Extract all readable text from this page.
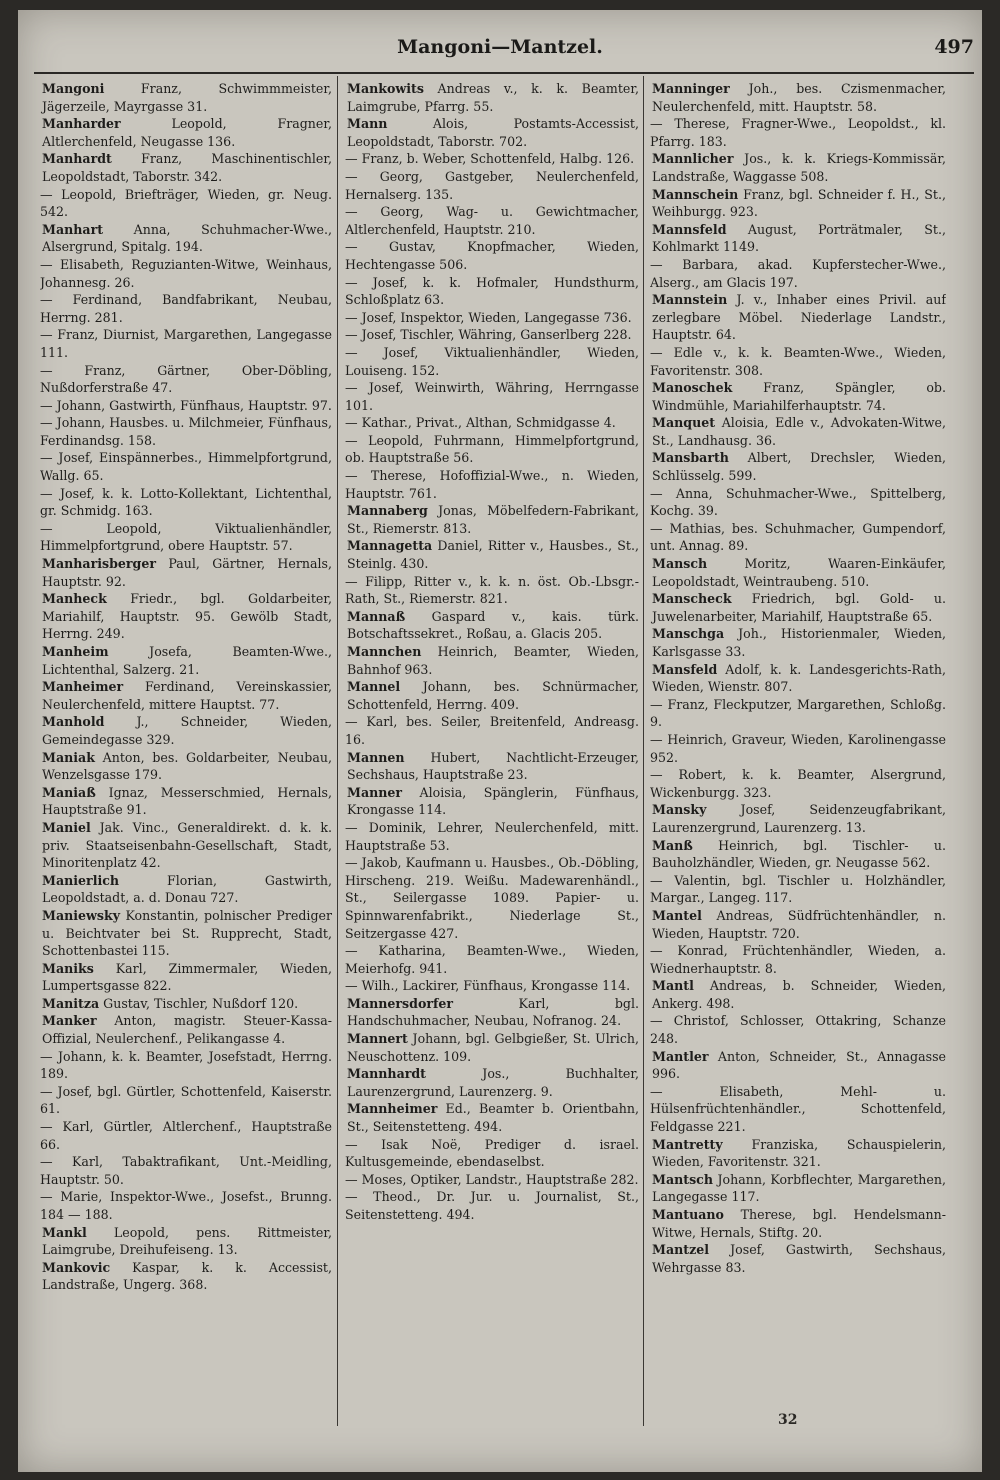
Mangoni—Mantzel.	497

Mangoni Franz, Schwimmmeister, Jägerzeile, Mayrgasse 31.

Manharder Leopold, Fragner, Altlerchenfeld, Neugasse 136.

Manhardt Franz, Maschinentischler, Leopoldstadt, Taborstr. 342.

— Leopold, Briefträger, Wieden, gr. Neug. 542.

Manhart Anna, Schuhmacher-Wwe., Alsergrund, Spitalg. 194.

— Elisabeth, Reguzianten-Witwe, Weinhaus, Johannesg. 26.

— Ferdinand, Bandfabrikant, Neubau, Herrng. 281.

— Franz, Diurnist, Margarethen, Langegasse 111.

— Franz, Gärtner, Ober-Döbling, Nußdorferstraße 47.

— Johann, Gastwirth, Fünfhaus, Hauptstr. 97.

— Johann, Hausbes. u. Milchmeier, Fünfhaus, Ferdinandsg. 158.

— Josef, Einspännerbes., Himmelpfortgrund, Wallg. 65.

— Josef, k. k. Lotto-Kollektant, Lichtenthal, gr. Schmidg. 163.

— Leopold, Viktualienhändler, Himmelpfortgrund, obere Hauptstr. 57.

Manharisberger Paul, Gärtner, Hernals, Hauptstr. 92.

Manheck Friedr., bgl. Goldarbeiter, Mariahilf, Hauptstr. 95. Gewölb Stadt, Herrng. 249.

Manheim Josefa, Beamten-Wwe., Lichtenthal, Salzerg. 21.

Manheimer Ferdinand, Vereinskassier, Neulerchenfeld, mittere Hauptst. 77.

Manhold J., Schneider, Wieden, Gemeindegasse 329.

Maniak Anton, bes. Goldarbeiter, Neubau, Wenzelsgasse 179.

Maniaß Ignaz, Messerschmied, Hernals, Hauptstraße 91.

Maniel Jak. Vinc., Generaldirekt. d. k. k. priv. Staatseisenbahn-Gesellschaft, Stadt, Minoritenplatz 42.

Manierlich Florian, Gastwirth, Leopoldstadt, a. d. Donau 727.

Maniewsky Konstantin, polnischer Prediger u. Beichtvater bei St. Rupprecht, Stadt, Schottenbastei 115.

Maniks Karl, Zimmermaler, Wieden, Lumpertsgasse 822.

Manitza Gustav, Tischler, Nußdorf 120.

Manker Anton, magistr. Steuer-Kassa-Offizial, Neulerchenf., Pelikangasse 4.

— Johann, k. k. Beamter, Josefstadt, Herrng. 189.

— Josef, bgl. Gürtler, Schottenfeld, Kaiserstr. 61.

— Karl, Gürtler, Altlerchenf., Hauptstraße 66.

— Karl, Tabaktrafikant, Unt.-Meidling, Hauptstr. 50.

— Marie, Inspektor-Wwe., Josefst., Brunng. 184 — 188.

Mankl Leopold, pens. Rittmeister, Laimgrube, Dreihufeiseng. 13.

Mankovic Kaspar, k. k. Accessist, Landstraße, Ungerg. 368.

Mankowits Andreas v., k. k. Beamter, Laimgrube, Pfarrg. 55.

Mann Alois, Postamts-Accessist, Leopoldstadt, Taborstr. 702.

— Franz, b. Weber, Schottenfeld, Halbg. 126.

— Georg, Gastgeber, Neulerchenfeld, Hernalserg. 135.

— Georg, Wag- u. Gewichtmacher, Altlerchenfeld, Hauptstr. 210.

— Gustav, Knopfmacher, Wieden, Hechtengasse 506.

— Josef, k. k. Hofmaler, Hundsthurm, Schloßplatz 63.

— Josef, Inspektor, Wieden, Langegasse 736.

— Josef, Tischler, Währing, Ganserlberg 228.

— Josef, Viktualienhändler, Wieden, Louiseng. 152.

— Josef, Weinwirth, Währing, Herrngasse 101.

— Kathar., Privat., Althan, Schmidgasse 4.

— Leopold, Fuhrmann, Himmelpfortgrund, ob. Hauptstraße 56.

— Therese, Hofoffizial-Wwe., n. Wieden, Hauptstr. 761.

Mannaberg Jonas, Möbelfedern-Fabrikant, St., Riemerstr. 813.

Mannagetta Daniel, Ritter v., Hausbes., St., Steinlg. 430.

— Filipp, Ritter v., k. k. n. öst. Ob.-Lbsgr.-Rath, St., Riemerstr. 821.

Mannaß Gaspard v., kais. türk. Botschaftssekret., Roßau, a. Glacis 205.

Mannchen Heinrich, Beamter, Wieden, Bahnhof 963.

Mannel Johann, bes. Schnürmacher, Schottenfeld, Herrng. 409.

— Karl, bes. Seiler, Breitenfeld, Andreasg. 16.

Mannen Hubert, Nachtlicht-Erzeuger, Sechshaus, Hauptstraße 23.

Manner Aloisia, Spänglerin, Fünfhaus, Krongasse 114.

— Dominik, Lehrer, Neulerchenfeld, mitt. Hauptstraße 53.

— Jakob, Kaufmann u. Hausbes., Ob.-Döbling, Hirscheng. 219. Weißu. Madewarenhändl., St., Seilergasse 1089. Papier- u. Spinnwarenfabrikt., Niederlage St., Seitzergasse 427.

— Katharina, Beamten-Wwe., Wieden, Meierhofg. 941.

— Wilh., Lackirer, Fünfhaus, Krongasse 114.

Mannersdorfer Karl, bgl. Handschuhmacher, Neubau, Nofranog. 24.

Mannert Johann, bgl. Gelbgießer, St. Ulrich, Neuschottenz. 109.

Mannhardt Jos., Buchhalter, Laurenzergrund, Laurenzerg. 9.

Mannheimer Ed., Beamter b. Orientbahn, St., Seitenstetteng. 494.

— Isak Noë, Prediger d. israel. Kultusgemeinde, ebendaselbst.

— Moses, Optiker, Landstr., Hauptstraße 282.

— Theod., Dr. Jur. u. Journalist, St., Seitenstetteng. 494.

Manninger Joh., bes. Czismenmacher, Neulerchenfeld, mitt. Hauptstr. 58.

— Therese, Fragner-Wwe., Leopoldst., kl. Pfarrg. 183.

Mannlicher Jos., k. k. Kriegs-Kommissär, Landstraße, Waggasse 508.

Mannschein Franz, bgl. Schneider f. H., St., Weihburgg. 923.

Mannsfeld August, Porträtmaler, St., Kohlmarkt 1149.

— Barbara, akad. Kupferstecher-Wwe., Alserg., am Glacis 197.

Mannstein J. v., Inhaber eines Privil. auf zerlegbare Möbel. Niederlage Landstr., Hauptstr. 64.

— Edle v., k. k. Beamten-Wwe., Wieden, Favoritenstr. 308.

Manoschek Franz, Spängler, ob. Windmühle, Mariahilferhauptstr. 74.

Manquet Aloisia, Edle v., Advokaten-Witwe, St., Landhausg. 36.

Mansbarth Albert, Drechsler, Wieden, Schlüsselg. 599.

— Anna, Schuhmacher-Wwe., Spittelberg, Kochg. 39.

— Mathias, bes. Schuhmacher, Gumpendorf, unt. Annag. 89.

Mansch Moritz, Waaren-Einkäufer, Leopoldstadt, Weintraubeng. 510.

Manscheck Friedrich, bgl. Gold- u. Juwelenarbeiter, Mariahilf, Hauptstraße 65.

Manschga Joh., Historienmaler, Wieden, Karlsgasse 33.

Mansfeld Adolf, k. k. Landesgerichts-Rath, Wieden, Wienstr. 807.

— Franz, Fleckputzer, Margarethen, Schloßg. 9.

— Heinrich, Graveur, Wieden, Karolinengasse 952.

— Robert, k. k. Beamter, Alsergrund, Wickenburgg. 323.

Mansky Josef, Seidenzeugfabrikant, Laurenzergrund, Laurenzerg. 13.

Manß Heinrich, bgl. Tischler- u. Bauholzhändler, Wieden, gr. Neugasse 562.

— Valentin, bgl. Tischler u. Holzhändler, Margar., Langeg. 117.

Mantel Andreas, Südfrüchtenhändler, n. Wieden, Hauptstr. 720.

— Konrad, Früchtenhändler, Wieden, a. Wiednerhauptstr. 8.

Mantl Andreas, b. Schneider, Wieden, Ankerg. 498.

— Christof, Schlosser, Ottakring, Schanze 248.

Mantler Anton, Schneider, St., Annagasse 996.

— Elisabeth, Mehl- u. Hülsenfrüchtenhändler., Schottenfeld, Feldgasse 221.

Mantretty Franziska, Schauspielerin, Wieden, Favoritenstr. 321.

Mantsch Johann, Korbflechter, Margarethen, Langegasse 117.

Mantuano Therese, bgl. Hendelsmann-Witwe, Hernals, Stiftg. 20.

Mantzel Josef, Gastwirth, Sechshaus, Wehrgasse 83.

32
